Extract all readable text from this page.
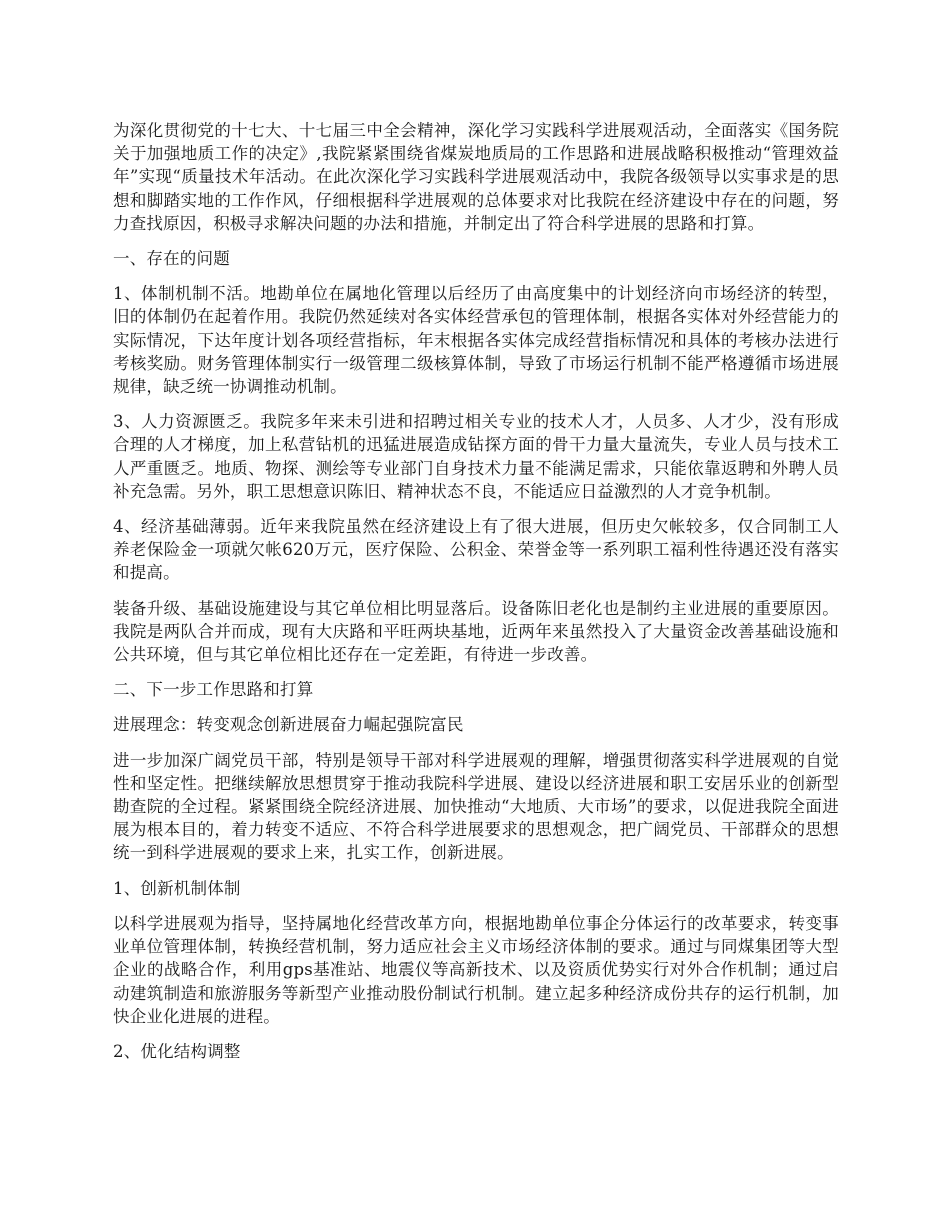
为深化贯彻党的十七大、十七届三中全会精神，深化学习实践科学进展观活动，全面落实《国务院关于加强地质工作的决定》,我院紧紧围绕省煤炭地质局的工作思路和进展战略积极推动“管理效益年”实现“质量技术年活动。在此次深化学习实践科学进展观活动中，我院各级领导以实事求是的思想和脚踏实地的工作作风，仔细根据科学进展观的总体要求对比我院在经济建设中存在的问题，努力查找原因，积极寻求解决问题的办法和措施，并制定出了符合科学进展的思路和打算。

一、存在的问题

1、体制机制不活。地勘单位在属地化管理以后经历了由高度集中的计划经济向市场经济的转型，旧的体制仍在起着作用。我院仍然延续对各实体经营承包的管理体制，根据各实体对外经营能力的实际情况，下达年度计划各项经营指标，年末根据各实体完成经营指标情况和具体的考核办法进行考核奖励。财务管理体制实行一级管理二级核算体制，导致了市场运行机制不能严格遵循市场进展规律，缺乏统一协调推动机制。

3、人力资源匮乏。我院多年来未引进和招聘过相关专业的技术人才，人员多、人才少，没有形成合理的人才梯度，加上私营钻机的迅猛进展造成钻探方面的骨干力量大量流失，专业人员与技术工人严重匮乏。地质、物探、测绘等专业部门自身技术力量不能满足需求，只能依靠返聘和外聘人员补充急需。另外，职工思想意识陈旧、精神状态不良，不能适应日益激烈的人才竞争机制。

4、经济基础薄弱。近年来我院虽然在经济建设上有了很大进展，但历史欠帐较多，仅合同制工人养老保险金一项就欠帐620万元，医疗保险、公积金、荣誉金等一系列职工福利性待遇还没有落实和提高。

装备升级、基础设施建设与其它单位相比明显落后。设备陈旧老化也是制约主业进展的重要原因。我院是两队合并而成，现有大庆路和平旺两块基地，近两年来虽然投入了大量资金改善基础设施和公共环境，但与其它单位相比还存在一定差距，有待进一步改善。

二、下一步工作思路和打算

进展理念：转变观念创新进展奋力崛起强院富民

进一步加深广阔党员干部，特别是领导干部对科学进展观的理解，增强贯彻落实科学进展观的自觉性和坚定性。把继续解放思想贯穿于推动我院科学进展、建设以经济进展和职工安居乐业的创新型勘查院的全过程。紧紧围绕全院经济进展、加快推动“大地质、大市场”的要求，以促进我院全面进展为根本目的，着力转变不适应、不符合科学进展要求的思想观念，把广阔党员、干部群众的思想统一到科学进展观的要求上来，扎实工作，创新进展。

1、创新机制体制

以科学进展观为指导，坚持属地化经营改革方向，根据地勘单位事企分体运行的改革要求，转变事业单位管理体制，转换经营机制，努力适应社会主义市场经济体制的要求。通过与同煤集团等大型企业的战略合作，利用gps基准站、地震仪等高新技术、以及资质优势实行对外合作机制；通过启动建筑制造和旅游服务等新型产业推动股份制试行机制。建立起多种经济成份共存的运行机制，加快企业化进展的进程。

2、优化结构调整
